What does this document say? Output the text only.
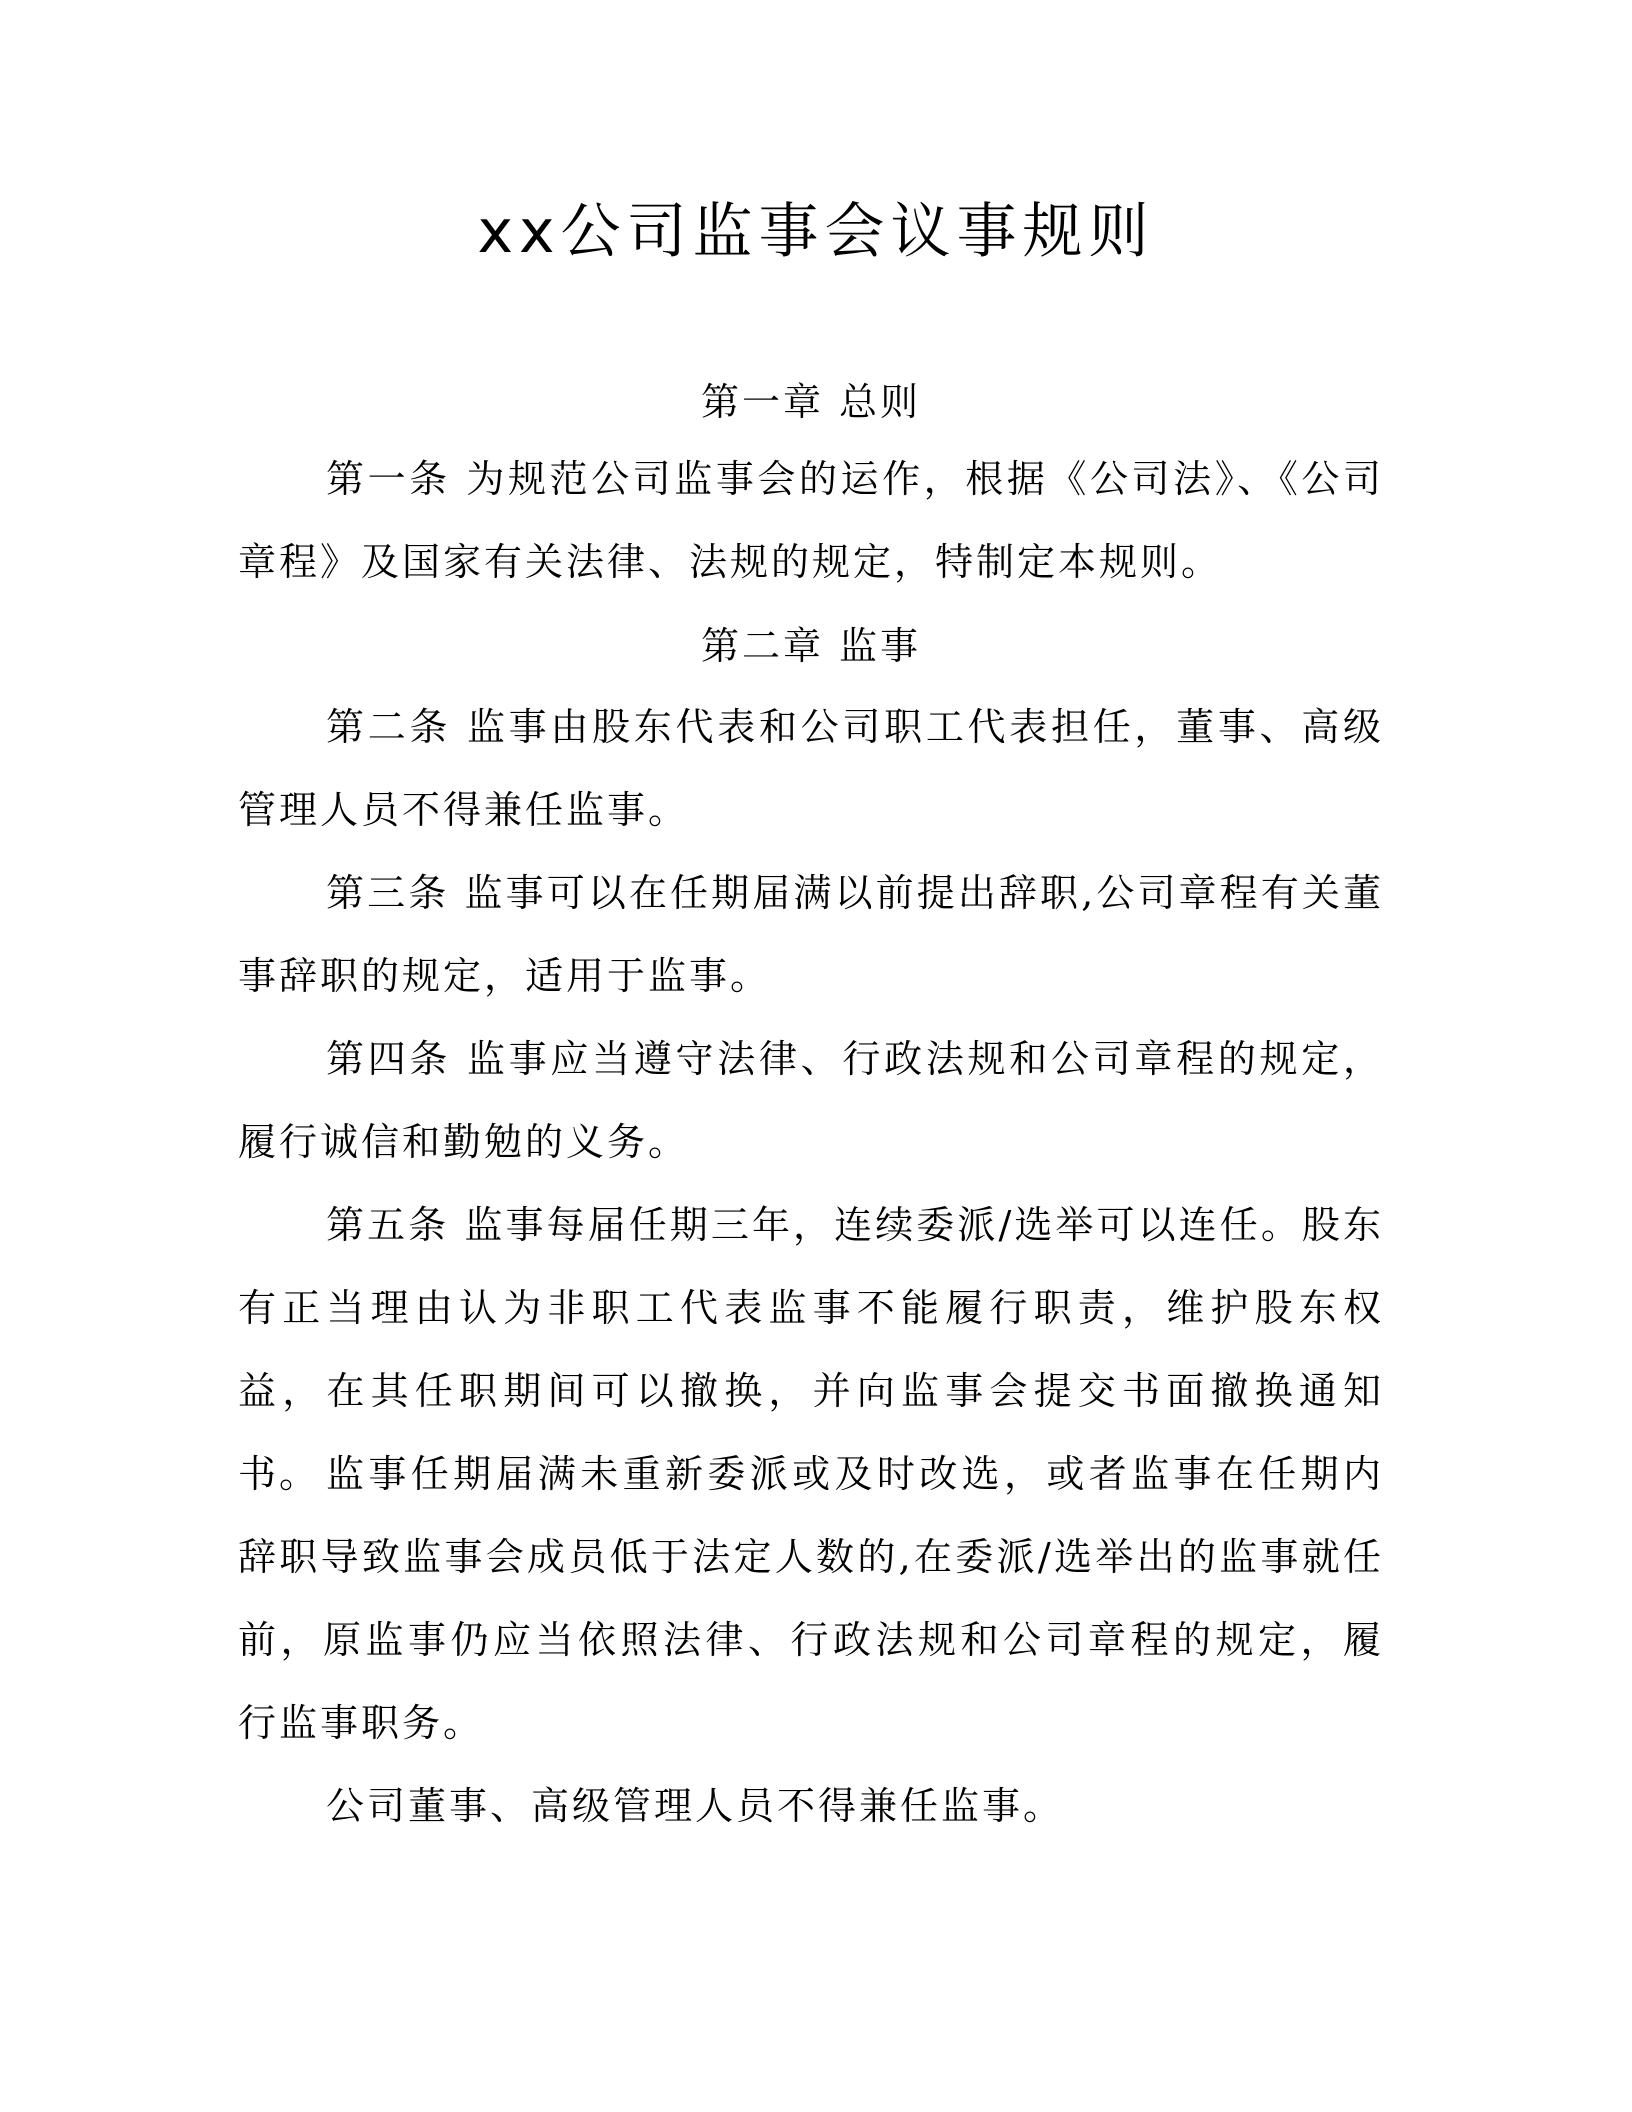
xx公司监事会议事规则
第一章 总则

第一条 为规范公司监事会的运作，根据《公司法》、《公司章程》及国家有关法律、法规的规定，特制定本规则。

第二章 监事

第二条 监事由股东代表和公司职工代表担任，董事、高级管理人员不得兼任监事。

第三条 监事可以在任期届满以前提出辞职,公司章程有关董事辞职的规定，适用于监事。

第四条 监事应当遵守法律、行政法规和公司章程的规定，履行诚信和勤勉的义务。

第五条 监事每届任期三年，连续委派/选举可以连任。股东有正当理由认为非职工代表监事不能履行职责，维护股东权益，在其任职期间可以撤换，并向监事会提交书面撤换通知书。 监事任期届满未重新委派或及时改选，或者监事在任期内辞职导致监事会成员低于法定人数的,在委派/选举出的监事就任前，原监事仍应当依照法律、行政法规和公司章程的规定，履行监事职务。

公司董事、高级管理人员不得兼任监事。
